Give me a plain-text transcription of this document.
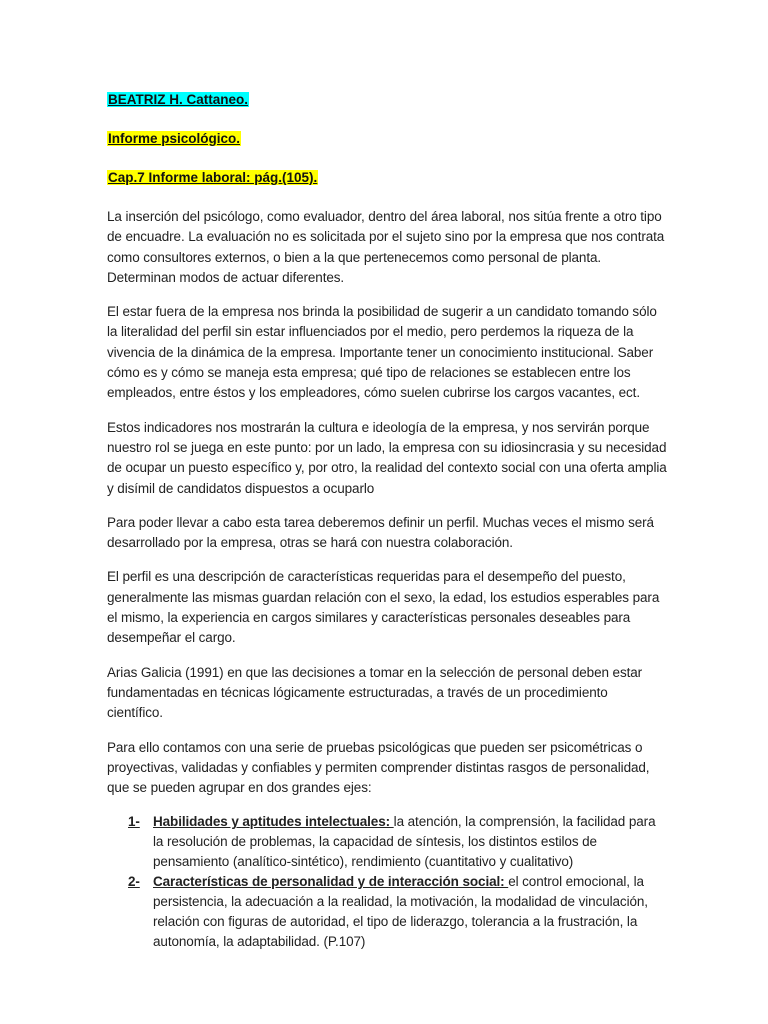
BEATRIZ H. Cattaneo.
Informe psicológico.
Cap.7 Informe laboral: pág.(105).

La inserción del psicólogo, como evaluador, dentro del área laboral, nos sitúa frente a otro tipo de encuadre. La evaluación no es solicitada por el sujeto sino por la empresa que nos contrata como consultores externos, o bien a la que pertenecemos como personal de planta. Determinan modos de actuar diferentes.

El estar fuera de la empresa nos brinda la posibilidad de sugerir a un candidato tomando sólo la literalidad del perfil sin estar influenciados por el medio, pero perdemos la riqueza de la vivencia de la dinámica de la empresa. Importante tener un conocimiento institucional. Saber cómo es y cómo se maneja esta empresa; qué tipo de relaciones se establecen entre los empleados, entre éstos y los empleadores, cómo suelen cubrirse los cargos vacantes, ect.

Estos indicadores nos mostrarán la cultura e ideología de la empresa, y nos servirán porque nuestro rol se juega en este punto: por un lado, la empresa con su idiosincrasia y su necesidad de ocupar un puesto específico y, por otro, la realidad del contexto social con una oferta amplia y disímil de candidatos dispuestos a ocuparlo

Para poder llevar a cabo esta tarea deberemos definir un perfil. Muchas veces el mismo será desarrollado por la empresa, otras se hará con nuestra colaboración.

El perfil es una descripción de características requeridas para el desempeño del puesto, generalmente las mismas guardan relación con el sexo, la edad, los estudios esperables para el mismo, la experiencia en cargos similares y características personales deseables para desempeñar el cargo.

Arias Galicia (1991) en que las decisiones a tomar en la selección de personal deben estar fundamentadas en técnicas lógicamente estructuradas, a través de un procedimiento científico.

Para ello contamos con una serie de pruebas psicológicas que pueden ser psicométricas o proyectivas, validadas y confiables y permiten comprender distintas rasgos de personalidad, que se pueden agrupar en dos grandes ejes:

1- Habilidades y aptitudes intelectuales: la atención, la comprensión, la facilidad para la resolución de problemas, la capacidad de síntesis, los distintos estilos de pensamiento (analítico-sintético), rendimiento (cuantitativo y cualitativo)
2- Características de personalidad y de interacción social: el control emocional, la persistencia, la adecuación a la realidad, la motivación, la modalidad de vinculación, relación con figuras de autoridad, el tipo de liderazgo, tolerancia a la frustración, la autonomía, la adaptabilidad. (P.107)
